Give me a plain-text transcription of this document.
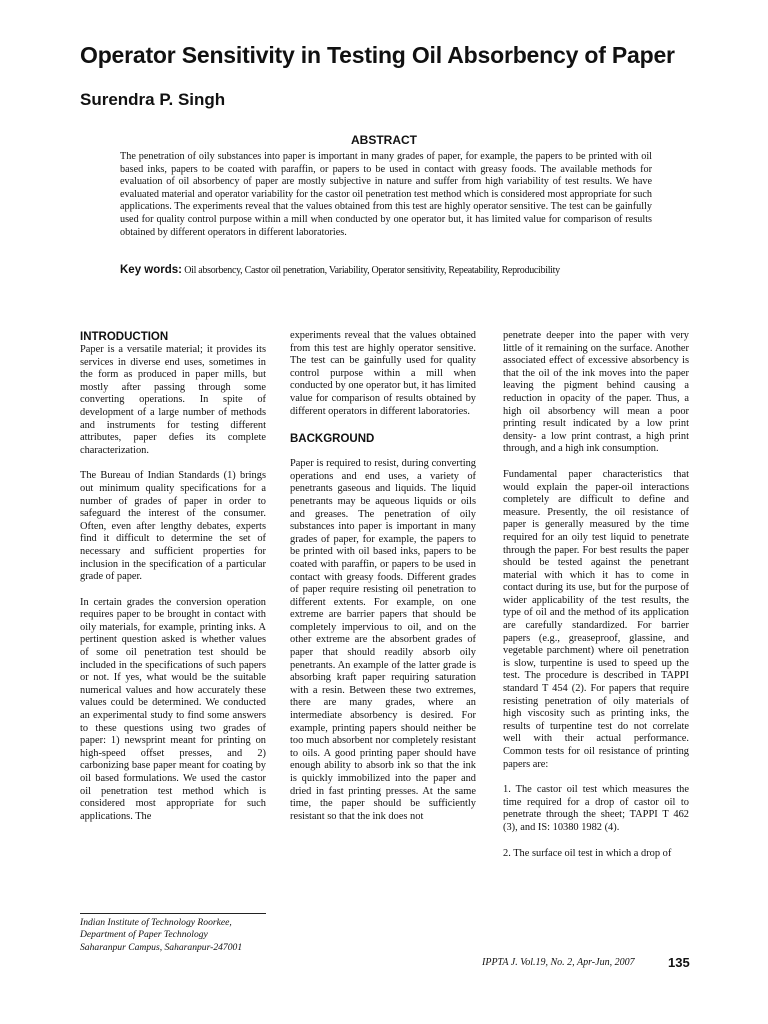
Operator Sensitivity in Testing Oil Absorbency of Paper
Surendra P. Singh
ABSTRACT
The penetration of oily substances into paper is important in many grades of paper, for example, the papers to be printed with oil based inks, papers to be coated with paraffin, or papers to be used in contact with greasy foods. The available methods for evaluation of oil absorbency of paper are mostly subjective in nature and suffer from high variability of test results. We have evaluated material and operator variability for the castor oil penetration test method which is considered most appropriate for such applications. The experiments reveal that the values obtained from this test are highly operator sensitive. The test can be gainfully used for quality control purpose within a mill when conducted by one operator but, it has limited value for comparison of results obtained by different operators in different laboratories.
Key words: Oil absorbency, Castor oil penetration, Variability, Operator sensitivity, Repeatability, Reproducibility
INTRODUCTION

Paper is a versatile material; it provides its services in diverse end uses, sometimes in the form as produced in paper mills, but mostly after passing through some converting operations. In spite of development of a large number of methods and instruments for testing different attributes, paper defies its complete characterization.

The Bureau of Indian Standards (1) brings out minimum quality specifications for a number of grades of paper in order to safeguard the interest of the consumer. Often, even after lengthy debates, experts find it difficult to determine the set of necessary and sufficient properties for inclusion in the specification of a particular grade of paper.

In certain grades the conversion operation requires paper to be brought in contact with oily materials, for example, printing inks. A pertinent question asked is whether values of some oil penetration test should be included in the specifications of such papers or not. If yes, what would be the suitable numerical values and how accurately these values could be determined. We conducted an experimental study to find some answers to these questions using two grades of paper: 1) newsprint meant for printing on high-speed offset presses, and 2) carbonizing base paper meant for coating by oil based formulations. We used the castor oil penetration test method which is considered most appropriate for such applications. The

experiments reveal that the values obtained from this test are highly operator sensitive. The test can be gainfully used for quality control purpose within a mill when conducted by one operator but, it has limited value for comparison of results obtained by different operators in different laboratories.

BACKGROUND

Paper is required to resist, during converting operations and end uses, a variety of penetrants gaseous and liquids. The liquid penetrants may be aqueous liquids or oils and greases. The penetration of oily substances into paper is important in many grades of paper, for example, the papers to be printed with oil based inks, papers to be coated with paraffin, or papers to be used in contact with greasy foods. Different grades of paper require resisting oil penetration to different extents. For example, on one extreme are barrier papers that should be completely impervious to oil, and on the other extreme are the absorbent grades of paper that should readily absorb oily penetrants. An example of the latter grade is absorbing kraft paper requiring saturation with a resin. Between these two extremes, there are many grades, where an intermediate absorbency is desired. For example, printing papers should neither be too much absorbent nor completely resistant to oils. A good printing paper should have enough ability to absorb ink so that the ink is quickly immobilized into the paper and dried in fast printing presses. At the same time, the paper should be sufficiently resistant so that the ink does not

penetrate deeper into the paper with very little of it remaining on the surface. Another associated effect of excessive absorbency is that the oil of the ink moves into the paper leaving the pigment behind causing a reduction in opacity of the paper. Thus, a high oil absorbency will mean a poor printing result indicated by a low print density- a low print contrast, a high print through, and a high ink consumption.

Fundamental paper characteristics that would explain the paper-oil interactions completely are difficult to define and measure. Presently, the oil resistance of paper is generally measured by the time required for an oily test liquid to penetrate through the paper. For best results the paper should be tested against the penetrant material with which it has to come in contact during its use, but for the purpose of wider applicability of the test results, the type of oil and the method of its application are carefully standardized. For barrier papers (e.g., greaseproof, glassine, and vegetable parchment) where oil penetration is slow, turpentine is used to speed up the test. The procedure is described in TAPPI standard T 454 (2). For papers that require resisting penetration of oily materials of high viscosity such as printing inks, the results of turpentine test do not correlate well with their actual performance. Common tests for oil resistance of printing papers are:

1. The castor oil test which measures the time required for a drop of castor oil to penetrate through the sheet; TAPPI T 462 (3), and IS: 10380 1982 (4).

2. The surface oil test in which a drop of

Indian Institute of Technology Roorkee,
Department of Paper Technology
Saharanpur Campus, Saharanpur-247001
IPPTA J. Vol.19, No. 2, Apr-Jun, 2007	135
